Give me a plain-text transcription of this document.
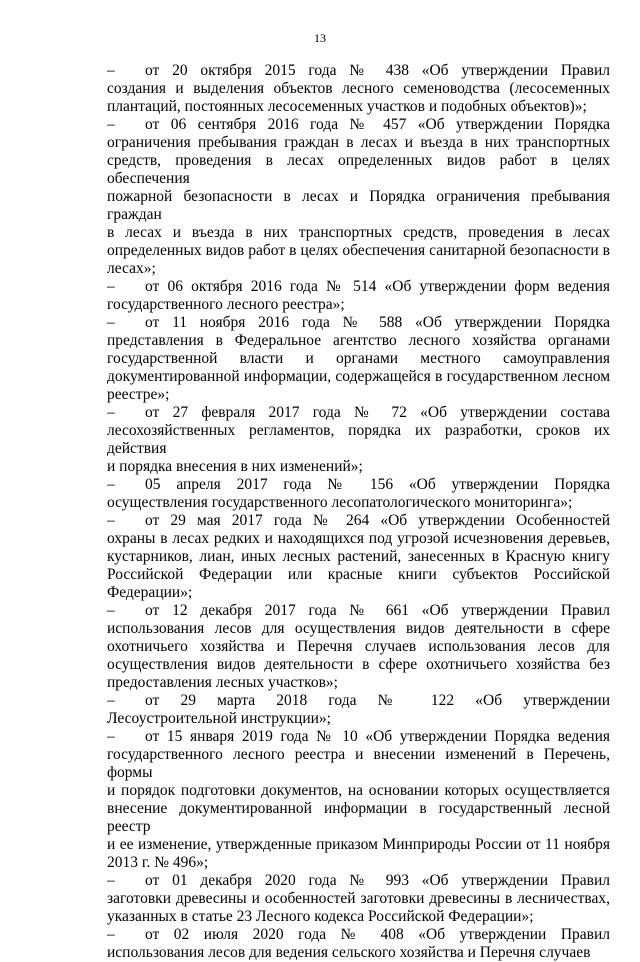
13
– от 20 октября 2015 года № 438 «Об утверждении Правил
создания и выделения объектов лесного семеноводства (лесосеменных
плантаций, постоянных лесосеменных участков и подобных объектов)»;
– от 06 сентября 2016 года № 457 «Об утверждении Порядка
ограничения пребывания граждан в лесах и въезда в них транспортных
средств, проведения в лесах определенных видов работ в целях обеспечения
пожарной безопасности в лесах и Порядка ограничения пребывания граждан
в лесах и въезда в них транспортных средств, проведения в лесах
определенных видов работ в целях обеспечения санитарной безопасности в
лесах»;
– от 06 октября 2016 года № 514 «Об утверждении форм ведения
государственного лесного реестра»;
– от 11 ноября 2016 года № 588 «Об утверждении Порядка
представления в Федеральное агентство лесного хозяйства органами
государственной власти и органами местного самоуправления
документированной информации, содержащейся в государственном лесном
реестре»;
– от 27 февраля 2017 года № 72 «Об утверждении состава
лесохозяйственных регламентов, порядка их разработки, сроков их действия
и порядка внесения в них изменений»;
– 05 апреля 2017 года № 156 «Об утверждении Порядка
осуществления государственного лесопатологического мониторинга»;
– от 29 мая 2017 года № 264 «Об утверждении Особенностей
охраны в лесах редких и находящихся под угрозой исчезновения деревьев,
кустарников, лиан, иных лесных растений, занесенных в Красную книгу
Российской Федерации или красные книги субъектов Российской
Федерации»;
– от 12 декабря 2017 года № 661 «Об утверждении Правил
использования лесов для осуществления видов деятельности в сфере
охотничьего хозяйства и Перечня случаев использования лесов для
осуществления видов деятельности в сфере охотничьего хозяйства без
предоставления лесных участков»;
– от 29 марта 2018 года № 122 «Об утверждении
Лесоустроительной инструкции»;
– от 15 января 2019 года № 10 «Об утверждении Порядка ведения
государственного лесного реестра и внесении изменений в Перечень, формы
и порядок подготовки документов, на основании которых осуществляется
внесение документированной информации в государственный лесной реестр
и ее изменение, утвержденные приказом Минприроды России от 11 ноября
2013 г. № 496»;
– от 01 декабря 2020 года № 993 «Об утверждении Правил
заготовки древесины и особенностей заготовки древесины в лесничествах,
указанных в статье 23 Лесного кодекса Российской Федерации»;
– от 02 июля 2020 года № 408 «Об утверждении Правил
использования лесов для ведения сельского хозяйства и Перечня случаев
